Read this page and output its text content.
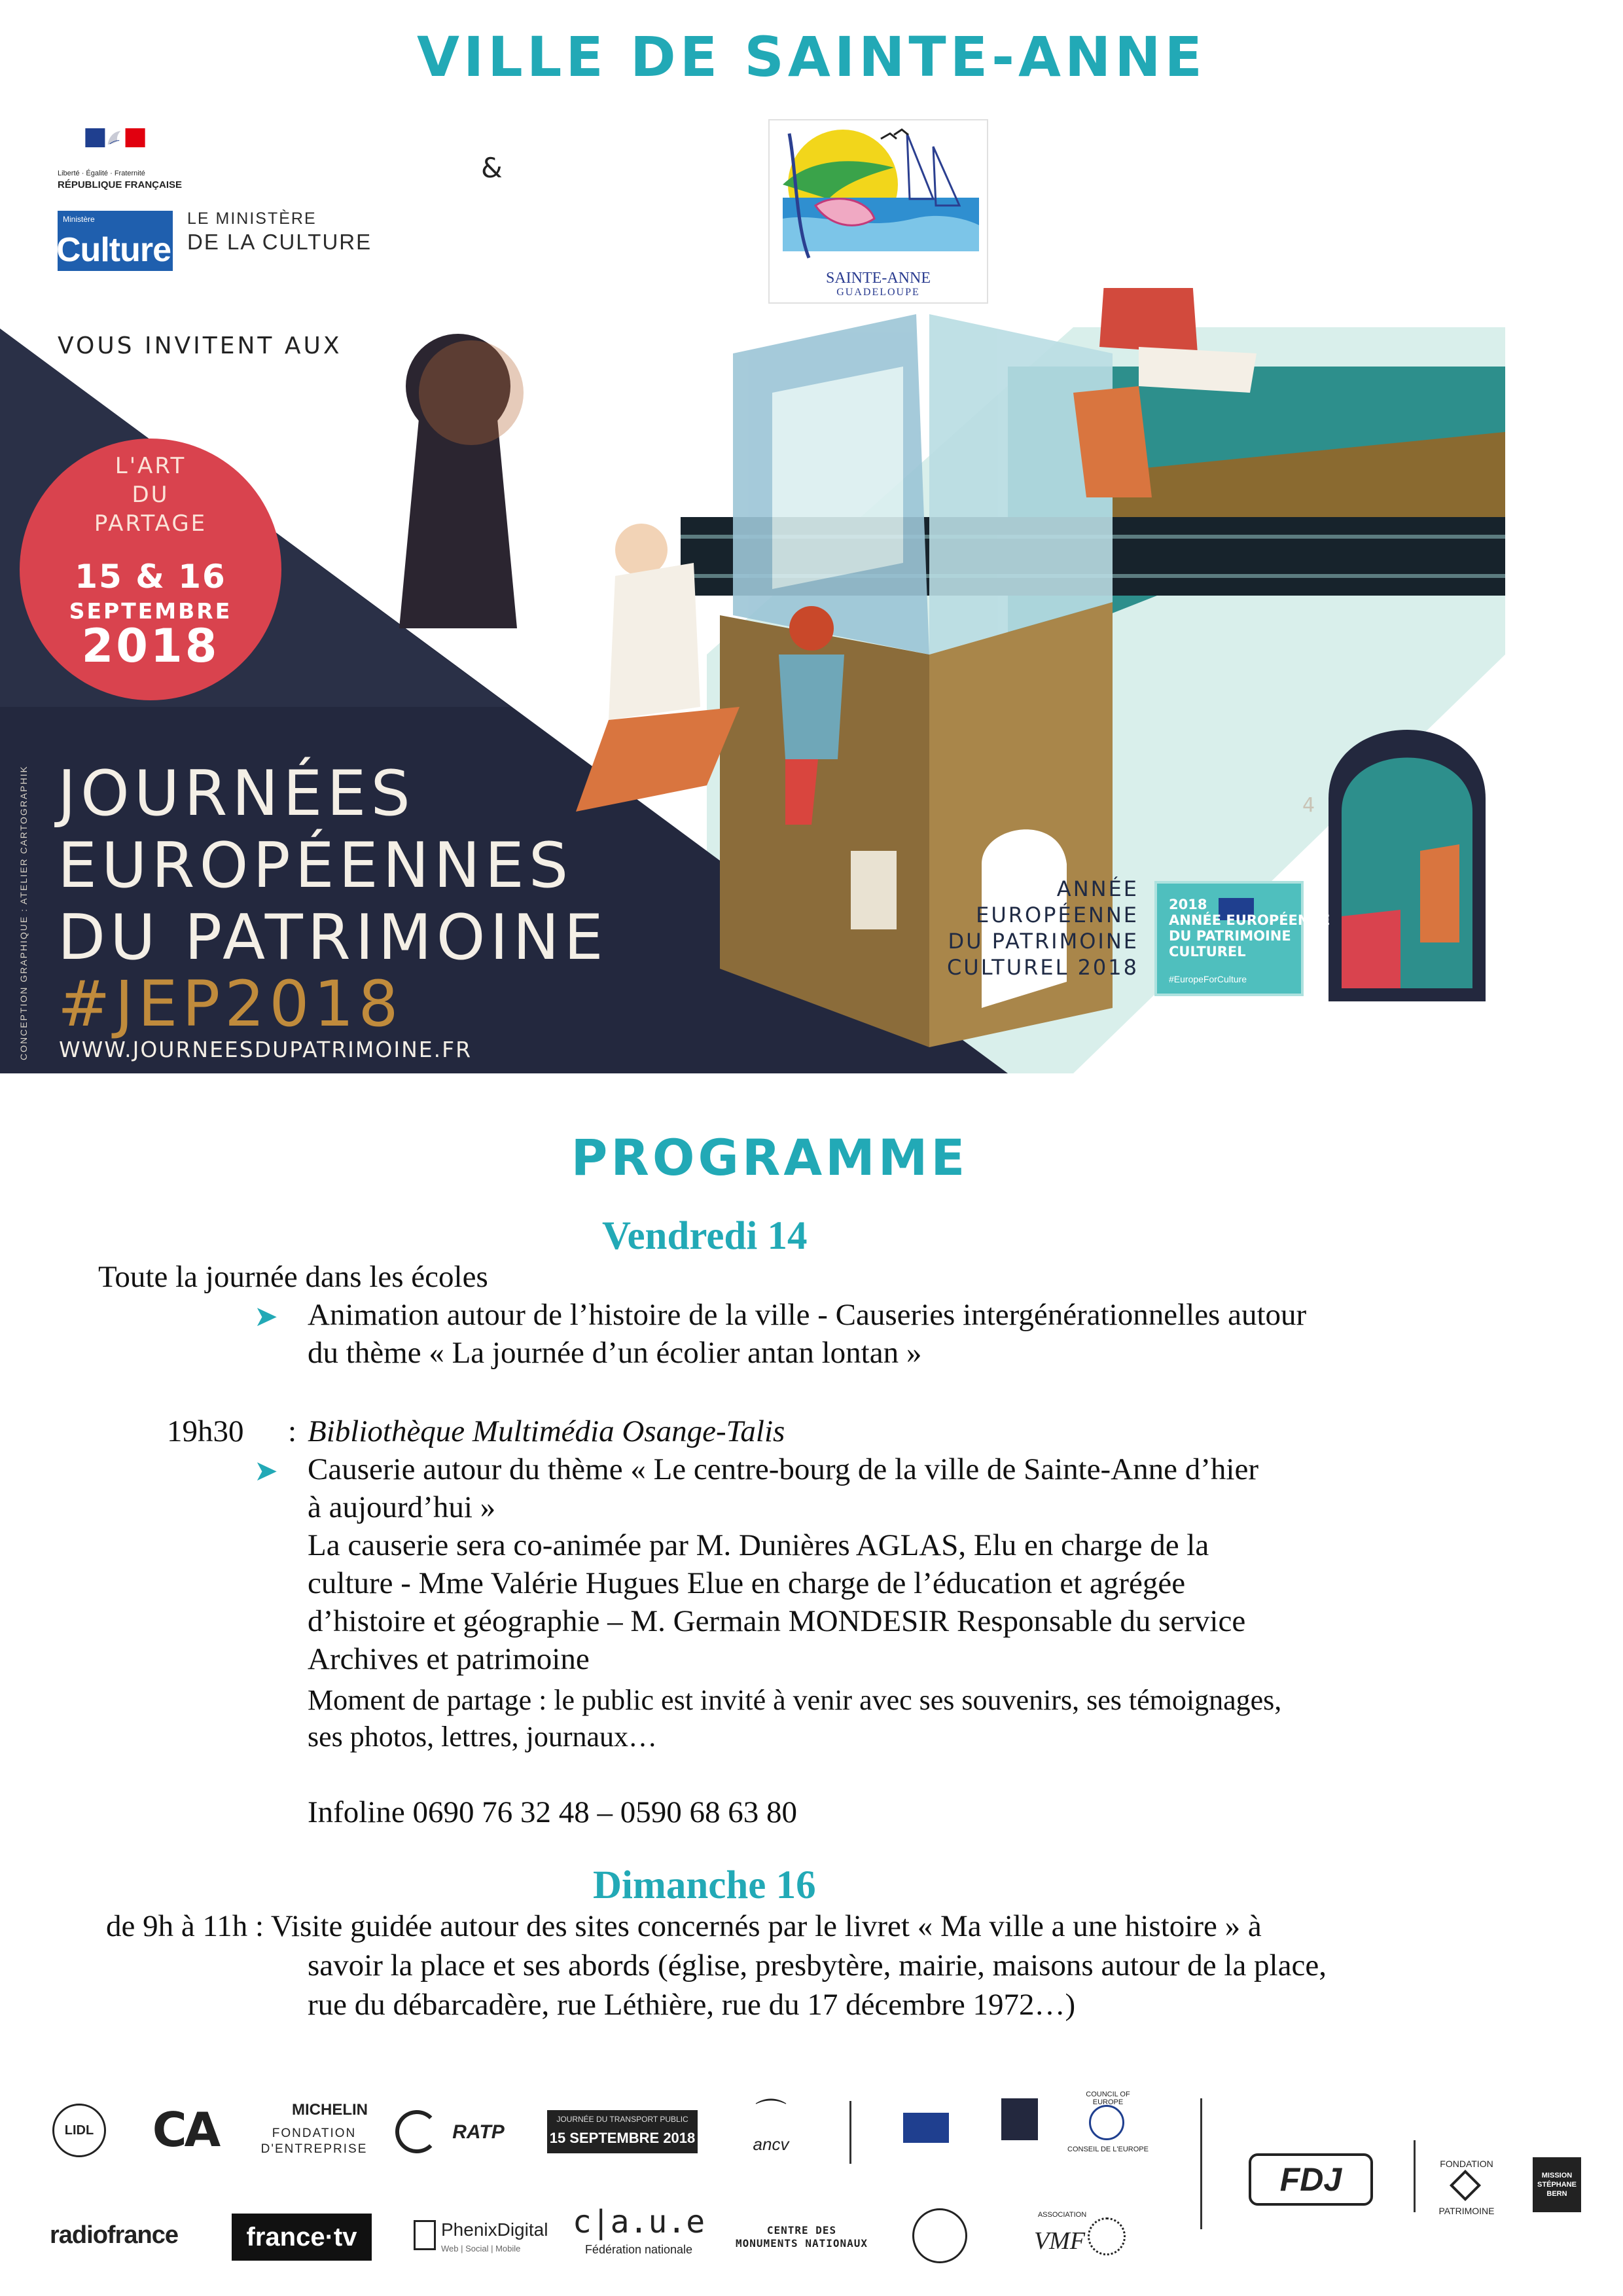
VILLE DE SAINTE-ANNE
Liberté · Égalité · Fraternité
RÉPUBLIQUE FRANÇAISE
Ministère
Culture
LE MINISTÈRE
DE LA CULTURE
&
SAINTE-ANNE
GUADELOUPE
VOUS INVITENT AUX
4
L'ART
DU
PARTAGE
15 & 16
SEPTEMBRE
2018
JOURNÉES
EUROPÉENNES
DU PATRIMOINE
#JEP2018
WWW.JOURNEESDUPATRIMOINE.FR
CONCEPTION GRAPHIQUE : ATELIER CARTOGRAPHIK	ANNÉE
EUROPÉENNE
DU PATRIMOINE
CULTUREL 2018
2018
ANNÉE EUROPÉENNE
DU PATRIMOINE
CULTUREL
#EuropeForCulture
PROGRAMME
Vendredi 14
Toute la journée dans les écoles
➤ Animation autour de l’histoire de la ville - Causeries intergénérationnelles autour
du thème « La journée d’un écolier antan lontan »
19h30 : Bibliothèque Multimédia Osange-Talis
➤ Causerie autour du thème « Le centre-bourg de la ville de Sainte-Anne d’hier
à aujourd’hui »
La causerie sera co-animée par M. Dunières AGLAS, Elu en charge de la
culture - Mme Valérie Hugues Elue en charge de l’éducation et agrégée
d’histoire et géographie – M. Germain MONDESIR Responsable du service
Archives et patrimoine
Moment de partage : le public est invité à venir avec ses souvenirs, ses témoignages,
ses photos, lettres, journaux…
Infoline 0690 76 32 48 – 0590 68 63 80
Dimanche 16
de 9h à 11h : Visite guidée autour des sites concernés par le livret « Ma ville a une histoire » à
savoir la place et ses abords (église, presbytère, mairie, maisons autour de la place,
rue du débarcadère, rue Léthière, rue du 17 décembre 1972…)
LIDL CA	MICHELIN
FONDATION D'ENTREPRISE
RATP
JOURNÉE DU TRANSPORT PUBLIC
15 SEPTEMBRE 2018
⌒
ancv
COUNCIL OF EUROPE
CONSEIL DE L'EUROPE
FDJ	FONDATION
PATRIMOINE
MISSION STÉPHANE BERN
radiofrance	france·tv	PhenixDigital
Web | Social | Mobile
c|a.u.e
Fédération nationale
CENTRE DES MONUMENTS NATIONAUX
ASSOCIATION
VMF
